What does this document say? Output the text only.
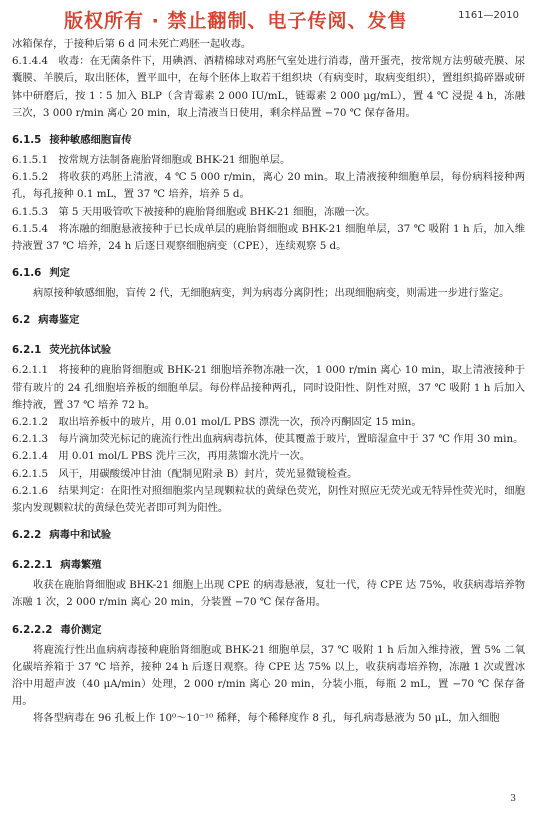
版权所有 · 禁止翻制、电子传阅、发售	1161—2010

冰箱保存，于接种后第 6 d 同未死亡鸡胚一起收毒。

6.1.4.4　收毒：在无菌条件下，用碘酒、酒精棉球对鸡胚气室处进行消毒，凿开蛋壳，按常规方法剪破壳膜、尿囊膜、羊膜后，取出胚体，置平皿中，在每个胚体上取若干组织块（有病变时，取病变组织），置组织捣碎器或研钵中研磨后，按 1∶5 加入 BLP（含青霉素 2 000 IU/mL，链霉素 2 000 μg/mL），置 4 ℃ 浸提 4 h，冻融三次，3 000 r/min 离心 20 min，取上清液当日使用，剩余样品置 −70 ℃ 保存备用。

6.1.5 接种敏感细胞盲传

6.1.5.1　按常规方法制备鹿胎肾细胞或 BHK-21 细胞单层。

6.1.5.2　将收获的鸡胚上清液，4 ℃ 5 000 r/min，离心 20 min。取上清液接种细胞单层，每份病料接种两孔，每孔接种 0.1 mL，置 37 ℃ 培养，培养 5 d。

6.1.5.3　第 5 天用吸管吹下被接种的鹿胎肾细胞或 BHK-21 细胞，冻融一次。

6.1.5.4　将冻融的细胞悬液接种于已长成单层的鹿胎肾细胞或 BHK-21 细胞单层，37 ℃ 吸附 1 h 后，加入维持液置 37 ℃ 培养，24 h 后逐日观察细胞病变（CPE），连续观察 5 d。

6.1.6 判定

病原接种敏感细胞，盲传 2 代，无细胞病变，判为病毒分离阴性；出现细胞病变，则需进一步进行鉴定。

6.2 病毒鉴定
6.2.1 荧光抗体试验

6.2.1.1　将接种的鹿胎肾细胞或 BHK-21 细胞培养物冻融一次，1 000 r/min 离心 10 min，取上清液接种于带有玻片的 24 孔细胞培养板的细胞单层。每份样品接种两孔，同时设阳性、阴性对照，37 ℃ 吸附 1 h 后加入维持液，置 37 ℃ 培养 72 h。

6.2.1.2　取出培养板中的玻片，用 0.01 mol/L PBS 漂洗一次，预冷丙酮固定 15 min。

6.2.1.3　每片滴加荧光标记的鹿流行性出血病病毒抗体，使其覆盖于玻片，置暗湿盒中于 37 ℃ 作用 30 min。

6.2.1.4　用 0.01 mol/L PBS 洗片三次，再用蒸馏水洗片一次。

6.2.1.5　风干，用碳酸缓冲甘油（配制见附录 B）封片，荧光显微镜检查。

6.2.1.6　结果判定：在阳性对照细胞浆内呈现颗粒状的黄绿色荧光，阴性对照应无荧光或无特异性荧光时，细胞浆内发现颗粒状的黄绿色荧光者即可判为阳性。

6.2.2 病毒中和试验
6.2.2.1 病毒繁殖

收获在鹿胎肾细胞或 BHK-21 细胞上出现 CPE 的病毒悬液，复壮一代，待 CPE 达 75%，收获病毒培养物冻融 1 次，2 000 r/min 离心 20 min，分装置 −70 ℃ 保存备用。

6.2.2.2 毒价测定

将鹿流行性出血病病毒接种鹿胎肾细胞或 BHK-21 细胞单层，37 ℃ 吸附 1 h 后加入维持液，置 5% 二氧化碳培养箱于 37 ℃ 培养，接种 24 h 后逐日观察。待 CPE 达 75% 以上，收获病毒培养物，冻融 1 次或置冰浴中用超声波（40 μA/min）处理，2 000 r/min 离心 20 min，分装小瓶，每瓶 2 mL，置 −70 ℃ 保存备用。

将各型病毒在 96 孔板上作 10⁰～10⁻¹⁰ 稀释，每个稀释度作 8 孔，每孔病毒悬液为 50 μL，加入细胞

3
